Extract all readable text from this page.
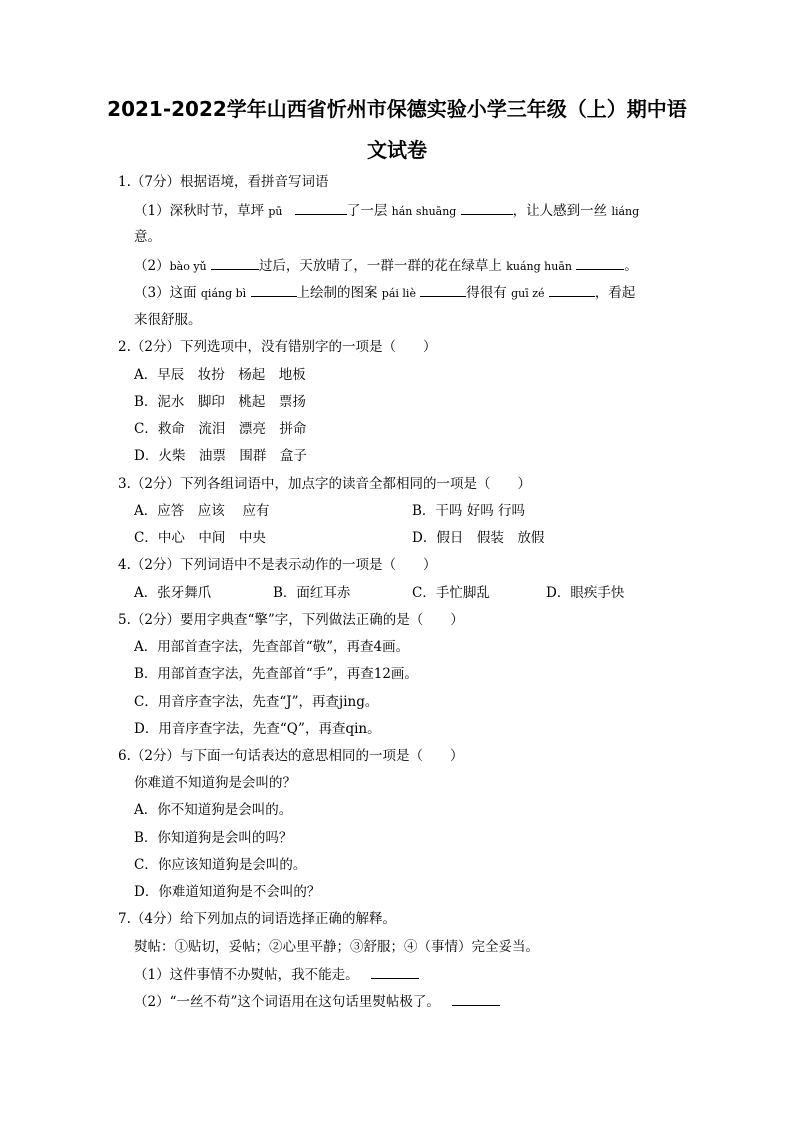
2021-2022学年山西省忻州市保德实验小学三年级（上）期中语
文试卷
1.（7分）根据语境，看拼音写词语
（1）深秋时节，草坪 pū	了一层 hán shuāng	，让人感到一丝 liáng
意。
（2）bào yǔ	过后，天放晴了，一群一群的花在绿草上 kuáng huān	。
（3）这面 qiáng bì	上绘制的图案 pái liè	得很有 guī zé	，看起
来很舒服。
2.（2分）下列选项中，没有错别字的一项是（　　）
A．早辰　妆扮　杨起　地板
B．泥水　脚印　桃起　票扬
C．救命　流泪　漂亮　拼命
D．火柴　油票　围群　盒子
3.（2分）下列各组词语中，加点字的读音全都相同的一项是（　　）
A．应答　应该　 应有	B．干吗 好吗 行吗
C．中心　中间　中央	D．假日　假装　放假
4.（2分）下列词语中不是表示动作的一项是（　　）
A．张牙舞爪	B．面红耳赤	C．手忙脚乱	D．眼疾手快
5.（2分）要用字典查“擎”字，下列做法正确的是（　　）
A．用部首查字法，先查部首“敬”，再查4画。
B．用部首查字法，先查部首“手”，再查12画。
C．用音序查字法，先查“J”，再查jing。
D．用音序查字法，先查“Q”，再查qin。
6.（2分）与下面一句话表达的意思相同的一项是（　　）
你难道不知道狗是会叫的？
A．你不知道狗是会叫的。
B．你知道狗是会叫的吗？
C．你应该知道狗是会叫的。
D．你难道知道狗是不会叫的？
7.（4分）给下列加点的词语选择正确的解释。
熨帖：①贴切，妥帖；②心里平静；③舒服；④（事情）完全妥当。
（1）这件事情不办熨帖，我不能走。
（2）“一丝不苟”这个词语用在这句话里熨帖极了。
